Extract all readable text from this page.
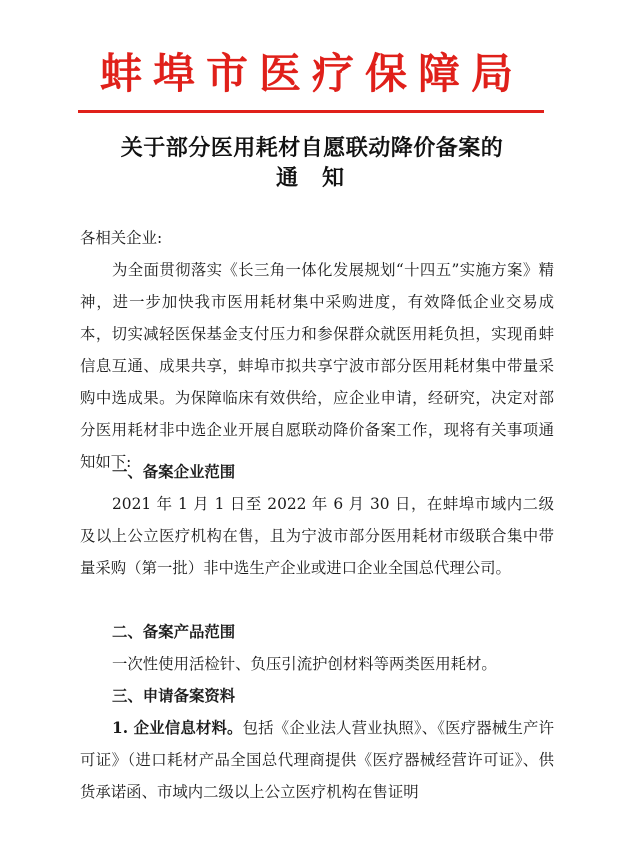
蚌埠市医疗保障局
关于部分医用耗材自愿联动降价备案的
通知
各相关企业:
为全面贯彻落实《长三角一体化发展规划“十四五”实施方案》精神，进一步加快我市医用耗材集中采购进度，有效降低企业交易成本，切实减轻医保基金支付压力和参保群众就医用耗负担，实现甬蚌信息互通、成果共享，蚌埠市拟共享宁波市部分医用耗材集中带量采购中选成果。为保障临床有效供给，应企业申请，经研究，决定对部分医用耗材非中选企业开展自愿联动降价备案工作，现将有关事项通知如下:
一、备案企业范围
2021 年 1 月 1 日至 2022 年 6 月 30 日，在蚌埠市域内二级及以上公立医疗机构在售，且为宁波市部分医用耗材市级联合集中带量采购（第一批）非中选生产企业或进口企业全国总代理公司。
二、备案产品范围
一次性使用活检针、负压引流护创材料等两类医用耗材。
三、申请备案资料
1. 企业信息材料。包括《企业法人营业执照》、《医疗器械生产许可证》（进口耗材产品全国总代理商提供《医疗器械经营许可证》、供货承诺函、市域内二级以上公立医疗机构在售证明
